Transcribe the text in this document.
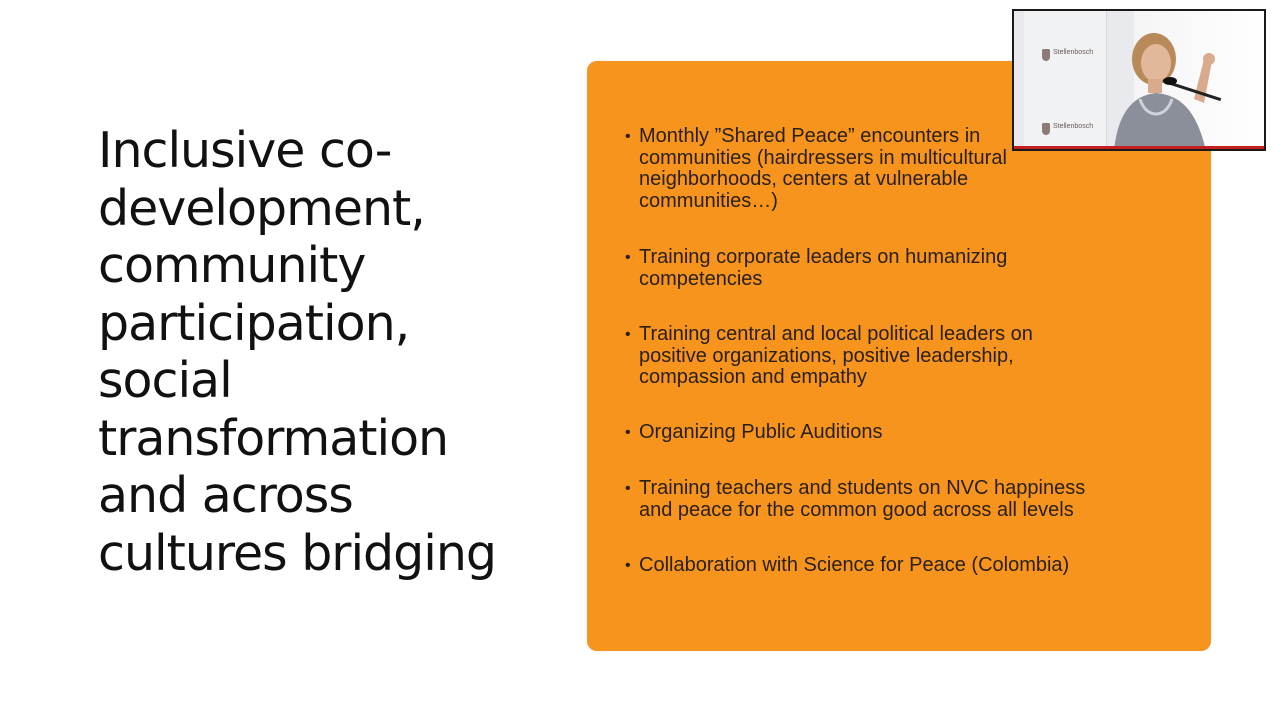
Inclusive co-
development,
community
participation,
social
transformation
and across
cultures bridging
• Monthly ”Shared Peace” encounters in
communities (hairdressers in multicultural
neighborhoods, centers at vulnerable
communities…)
• Training corporate leaders on humanizing
competencies
• Training central and local political leaders on
positive organizations, positive leadership,
compassion and empathy
• Organizing Public Auditions
• Training teachers and students on NVC happiness
and peace for the common good across all levels
• Collaboration with Science for Peace (Colombia)
Stellenbosch
Stellenbosch
